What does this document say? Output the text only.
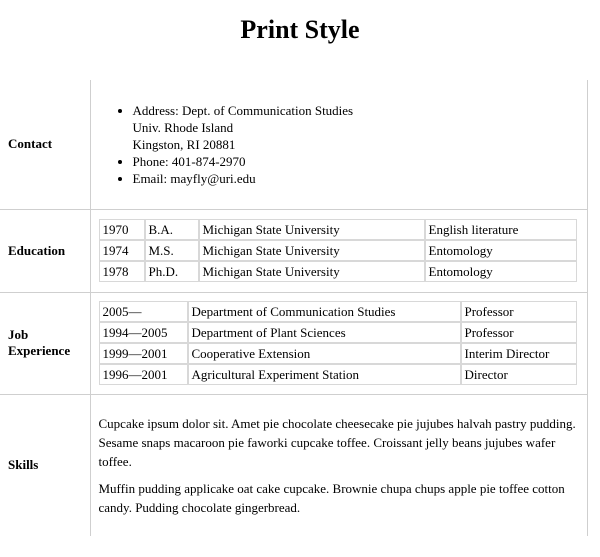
Print Style
Contact	
• Address: Dept. of Communication Studies
Univ. Rhode Island
Kingston, RI 20881
• Phone: 401-874-2970
• Email: mayfly@uri.edu

Education	
1970	B.A.	Michigan State University	English literature
1974	M.S.	Michigan State University	Entomology
1978	Ph.D.	Michigan State University	Entomology

Job
Experience	
2005—	Department of Communication Studies	Professor
1994—2005	Department of Plant Sciences	Professor
1999—2001	Cooperative Extension	Interim Director
1996—2001	Agricultural Experiment Station	Director

Skills	

Cupcake ipsum dolor sit. Amet pie chocolate cheesecake pie jujubes halvah pastry pudding. Sesame snaps macaroon pie faworki cupcake toffee. Croissant jelly beans jujubes wafer toffee.

Muffin pudding applicake oat cake cupcake. Brownie chupa chups apple pie toffee cotton candy. Pudding chocolate gingerbread.
